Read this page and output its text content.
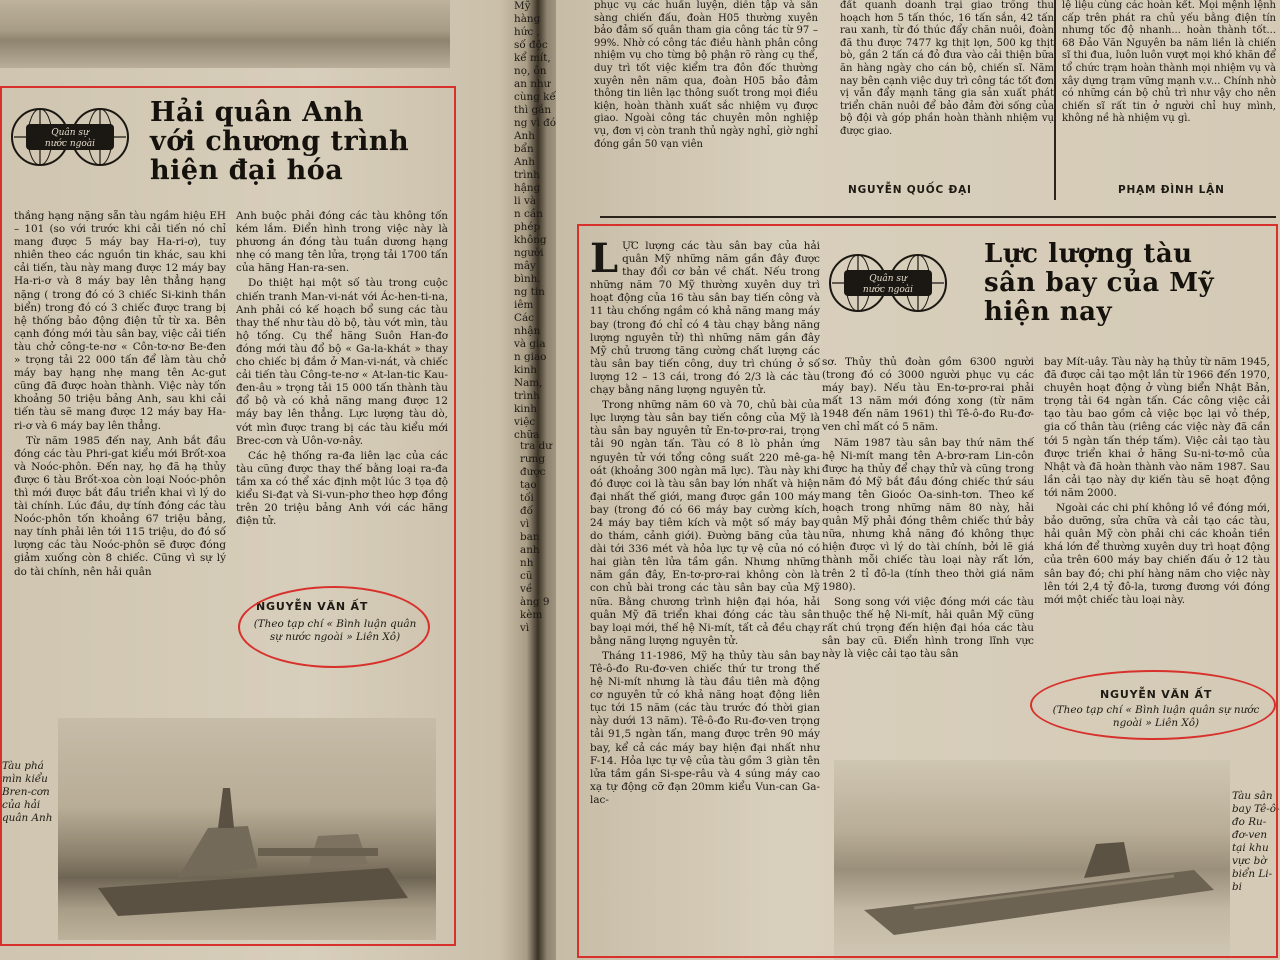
Quân sự
nước ngoài
Hải quân Anh
với chương trình
hiện đại hóa

thắng hạng nặng sẵn tàu ngầm hiệu EH – 101 (so với trước khi cải tiến nó chỉ mang được 5 máy bay Ha-ri-ơ), tuy nhiên theo các nguồn tin khác, sau khi cải tiến, tàu này mang được 12 máy bay Ha-ri-ơ và 8 máy bay lên thẳng hạng nặng ( trong đó có 3 chiếc Si-kinh thần biển) trong đó có 3 chiếc được trang bị hệ thống bảo động điện tử từ xa. Bên cạnh đóng mới tàu sân bay, việc cải tiến tàu chở công-te-nơ « Côn-tơ-nơ Be-đen » trọng tải 22 000 tấn để làm tàu chở máy bay hạng nhẹ mang tên Ac-gut cũng đã được hoàn thành. Việc này tốn khoảng 50 triệu bảng Anh, sau khi cải tiến tàu sẽ mang được 12 máy bay Ha-ri-ơ và 6 máy bay lên thẳng.

Từ năm 1985 đến nay, Anh bắt đầu đóng các tàu Phri-gat kiểu mới Brốt-xoa và Noóc-phôn. Đến nay, họ đã hạ thủy được 6 tàu Brốt-xoa còn loại Noóc-phôn thì mới được bắt đầu triển khai vì lý do tài chính. Lúc đầu, dự tính đóng các tàu Noóc-phôn tốn khoảng 67 triệu bảng, nay tính phải lên tới 115 triệu, do đó số lượng các tàu Noóc-phôn sẽ được đóng giảm xuống còn 8 chiếc. Cũng vì sự lý do tài chính, nên hải quân

Anh buộc phải đóng các tàu không tốn kém lắm. Điển hình trong việc này là phương án đóng tàu tuần dương hạng nhẹ có mang tên lửa, trọng tải 1700 tấn của hãng Han-ra-sen.

Do thiệt hại một số tàu trong cuộc chiến tranh Man-vi-nát với Ác-hen-ti-na, Anh phải có kế hoạch bổ sung các tàu thay thế như tàu dò bộ, tàu vớt mìn, tàu hộ tống. Cụ thể hãng Suôn Han-đơ đóng mới tàu đổ bộ « Ga-la-khát » thay cho chiếc bị đắm ở Man-vi-nát, và chiếc cải tiến tàu Công-te-nơ « At-lan-tic Kau-đen-âu » trọng tải 15 000 tấn thành tàu đổ bộ và có khả năng mang được 12 máy bay lên thẳng. Lực lượng tàu dò, vớt mìn được trang bị các tàu kiểu mới Brec-cơn và Uôn-vơ-nây.

Các hệ thống ra-đa liên lạc của các tàu cũng được thay thế bằng loại ra-đa tầm xa có thể xác định một lúc 3 tọa độ kiểu Si-đạt và Si-vun-phơ theo hợp đồng trên 20 triệu bảng Anh với các hãng điện tử.

NGUYỄN VĂN ẤT
(Theo tạp chí « Bình luận quân sự nước ngoài » Liên Xô)
Tàu phá mìn kiểu Bren-cơn của hải quân Anh
Mỹ hàng
hức ,
số độc
kể mít,
nọ, ôn
an như
cùng kế
thì gắn
ng vì đó
Anh
bẩn
Anh
trình
hậng
li và
n cần
phép
không
người
mây
bình.
ng tin
iêm
Các
nhận
và gia
n giao
kinh
Nam,
trình
kinh
việc
chữa
tra dư
rưng
được
tạo
tối
đố
vì
ban
anh
nh
cũ
về
àng 9
kèm
vì

phục vụ các huấn luyện, diễn tập và sẵn sàng chiến đấu, đoàn H05 thường xuyên bảo đảm số quân tham gia công tác từ 97 – 99%. Nhờ có công tác điều hành phân công nhiệm vụ cho từng bộ phận rõ ràng cụ thể, duy trì tốt việc kiểm tra đôn đốc thường xuyên nên năm qua, đoàn H05 bảo đảm thông tin liên lạc thông suốt trong mọi điều kiện, hoàn thành xuất sắc nhiệm vụ được giao. Ngoài công tác chuyên môn nghiệp vụ, đơn vị còn tranh thủ ngày nghỉ, giờ nghỉ đóng gần 50 vạn viên

đất quanh doanh trại giao trồng thu hoạch hơn 5 tấn thóc, 16 tấn sắn, 42 tấn rau xanh, từ đó thúc đẩy chăn nuôi, đoàn đã thu được 7477 kg thịt lợn, 500 kg thịt bò, gần 2 tấn cá đỏ đưa vào cải thiện bữa ăn hàng ngày cho cán bộ, chiến sĩ. Năm nay bên cạnh việc duy trì công tác tốt đơn vị vẫn đẩy mạnh tăng gia sản xuất phát triển chăn nuôi để bảo đảm đời sống của bộ đội và góp phần hoàn thành nhiệm vụ được giao.

NGUYỄN QUỐC ĐẠI

lệ liệu cùng các hoàn kết. Mọi mệnh lệnh cấp trên phát ra chủ yếu bằng điện tín nhưng tốc độ nhanh... hoàn thành tốt... 68 Đảo Văn Nguyên ba năm liền là chiến sĩ thi đua, luôn luôn vượt mọi khó khăn để tổ chức trạm hoàn thành mọi nhiệm vụ và xây dựng trạm vững mạnh v.v... Chính nhờ có những cán bộ chủ trì như vậy cho nên chiến sĩ rất tin ở người chỉ huy mình, không nề hà nhiệm vụ gì.

PHẠM ĐÌNH LẬN

LỰC lượng các tàu sân bay của hải quân Mỹ những năm gần đây được thay đổi cơ bản về chất. Nếu trong những năm 70 Mỹ thường xuyên duy trì hoạt động của 16 tàu sân bay tiến công và 11 tàu chống ngầm có khả năng mang máy bay (trong đó chỉ có 4 tàu chạy bằng năng lượng nguyên tử) thì những năm gần đây Mỹ chủ trương tăng cường chất lượng các tàu sân bay tiến công, duy trì chúng ở số lượng 12 – 13 cái, trong đó 2/3 là các tàu chạy bằng năng lượng nguyên tử.

Trong những năm 60 và 70, chủ bài của lực lượng tàu sân bay tiến công của Mỹ là tàu sân bay nguyên tử En-tơ-prơ-rai, trọng tải 90 ngàn tấn. Tàu có 8 lò phản ứng nguyên tử với tổng công suất 220 mê-ga-oát (khoảng 300 ngàn mã lực). Tàu này khi đó được coi là tàu sân bay lớn nhất và hiện đại nhất thế giới, mang được gần 100 máy bay (trong đó có 66 máy bay cường kích, 24 máy bay tiêm kích và một số máy bay do thám, cảnh giới). Đường băng của tàu dài tới 336 mét và hỏa lực tự vệ của nó có hai giàn tên lửa tầm gần. Nhưng những năm gần đây, En-tơ-prơ-rai không còn là con chủ bài trong các tàu sân bay của Mỹ nữa. Bằng chương trình hiện đại hóa, hải quân Mỹ đã triển khai đóng các tàu sân bay loại mới, thế hệ Ni-mít, tất cả đều chạy bằng năng lượng nguyên tử.

Tháng 11-1986, Mỹ hạ thủy tàu sân bay Tê-ô-đo Ru-đơ-ven chiếc thứ tư trong thế hệ Ni-mít nhưng là tàu đầu tiên mà động cơ nguyên tử có khả năng hoạt động liên tục tới 15 năm (các tàu trước đó thời gian này dưới 13 năm). Tê-ô-đo Ru-đơ-ven trọng tải 91,5 ngàn tấn, mang được trên 90 máy bay, kể cả các máy bay hiện đại nhất như F-14. Hỏa lực tự vệ của tàu gồm 3 giàn tên lửa tầm gần Si-spe-râu và 4 súng máy cao xạ tự động cỡ đạn 20mm kiểu Vun-can Ga-lac-

Quân sự
nước ngoài
Lực lượng tàu
sân bay của Mỹ
hiện nay

sơ. Thủy thủ đoàn gồm 6300 người (trong đó có 3000 người phục vụ các máy bay). Nếu tàu En-tơ-prơ-rai phải mất 13 năm mới đóng xong (từ năm 1948 đến năm 1961) thì Tê-ô-đo Ru-đơ-ven chỉ mất có 5 năm.

Năm 1987 tàu sân bay thứ năm thế hệ Ni-mít mang tên A-brơ-ram Lin-côn được hạ thủy để chạy thử và cũng trong năm đó Mỹ bắt đầu đóng chiếc thứ sáu mang tên Gioóc Oa-sinh-tơn. Theo kế hoạch trong những năm 80 này, hải quân Mỹ phải đóng thêm chiếc thứ bảy nữa, nhưng khả năng đó không thực hiện được vì lý do tài chính, bởi lẽ giá thành mỗi chiếc tàu loại này rất lớn, trên 2 tỉ đô-la (tính theo thời giá năm 1980).

Song song với việc đóng mới các tàu thuộc thế hệ Ni-mít, hải quân Mỹ cũng rất chú trọng đến hiện đại hóa các tàu sân bay cũ. Điển hình trong lĩnh vực này là việc cải tạo tàu sân

bay Mít-uây. Tàu này hạ thủy từ năm 1945, đã được cải tạo một lần từ 1966 đến 1970, chuyên hoạt động ở vùng biển Nhật Bản, trọng tải 64 ngàn tấn. Các công việc cải tạo tàu bao gồm cả việc bọc lại vỏ thép, gia cố thân tàu (riêng các việc này đã cần tới 5 ngàn tấn thép tấm). Việc cải tạo tàu được triển khai ở hãng Su-ni-tơ-mô của Nhật và đã hoàn thành vào năm 1987. Sau lần cải tạo này dự kiến tàu sẽ hoạt động tới năm 2000.

Ngoài các chi phí không lồ về đóng mới, bảo dưỡng, sửa chữa và cải tạo các tàu, hải quân Mỹ còn phải chi các khoản tiền khá lớn để thường xuyên duy trì hoạt động của trên 600 máy bay chiến đấu ở 12 tàu sân bay đó; chi phí hàng năm cho việc này lên tới 2,4 tỷ đô-la, tương đương với đóng mới một chiếc tàu loại này.

NGUYỄN VĂN ẤT
(Theo tạp chí « Bình luận quân sự nước ngoài » Liên Xô)
Tàu sân bay Tê-ô-đo Ru-đơ-ven tại khu vực bờ biển Li-bi
